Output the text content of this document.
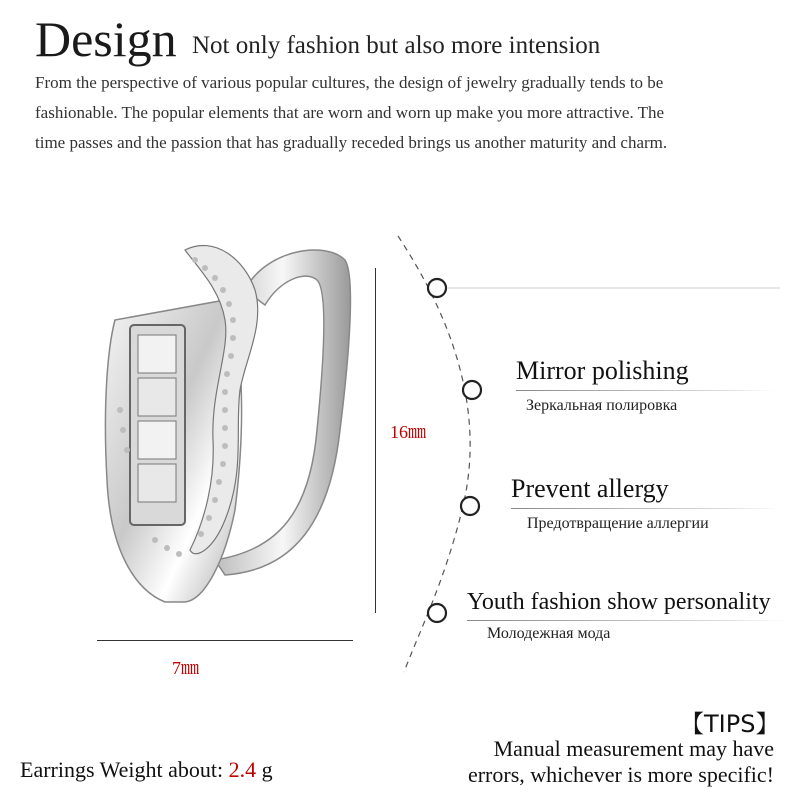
Design Not only fashion but also more intension
From the perspective of various popular cultures, the design of jewelry gradually tends to be
fashionable. The popular elements that are worn and worn up make you more attractive. The
time passes and the passion that has gradually receded brings us another maturity and charm.
7㎜
16㎜
Mirror polishing
Зеркальная полировка
Prevent allergy
Предотвращение аллергии
Youth fashion show personality
Молодежная мода
【TIPS】
Manual measurement may have
errors, whichever is more specific!
Earrings Weight about: 2.4 g
